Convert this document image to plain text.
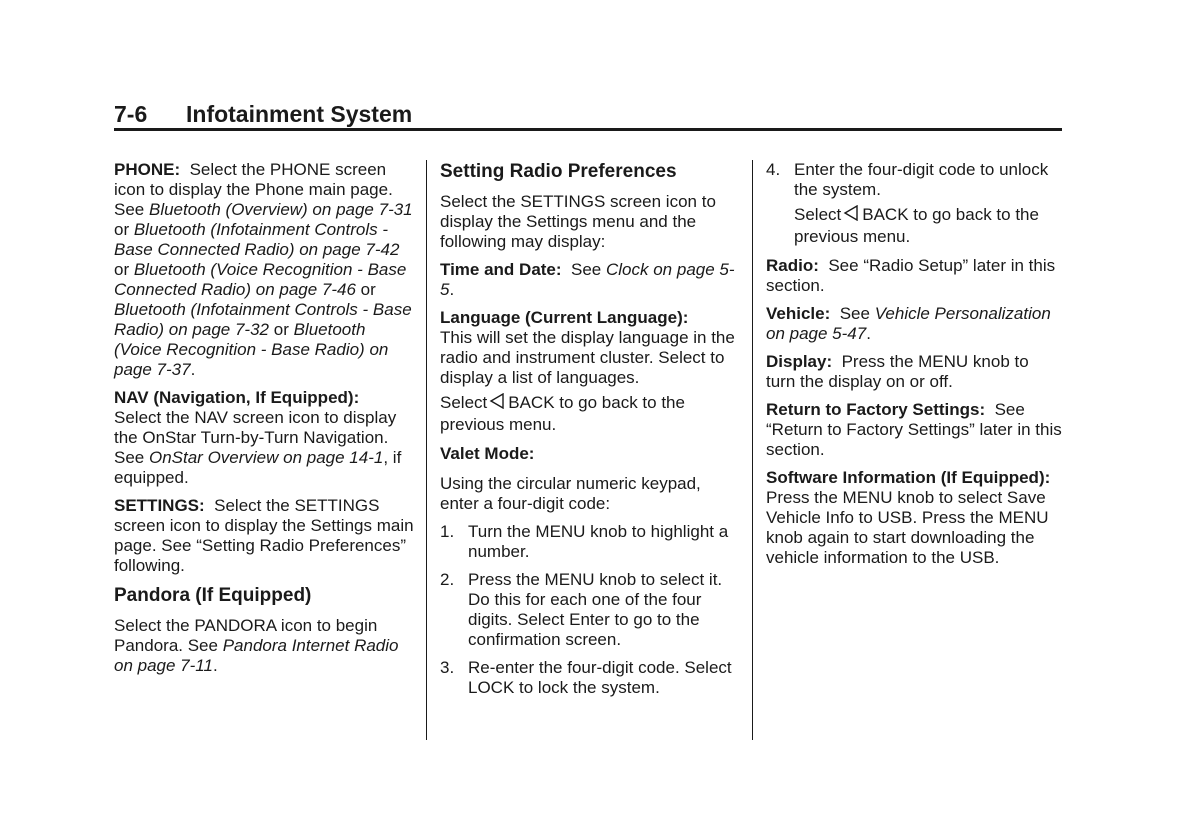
7-6 Infotainment System

PHONE: Select the PHONE screen icon to display the Phone main page. See Bluetooth (Overview) on page 7-31 or Bluetooth (Infotainment Controls - Base Connected Radio) on page 7-42 or Bluetooth (Voice Recognition - Base Connected Radio) on page 7-46 or Bluetooth (Infotainment Controls - Base Radio) on page 7-32 or Bluetooth (Voice Recognition - Base Radio) on page 7-37.

NAV (Navigation, If Equipped):
Select the NAV screen icon to display the OnStar Turn-by-Turn Navigation. See OnStar Overview on page 14-1, if equipped.

SETTINGS: Select the SETTINGS screen icon to display the Settings main page. See “Setting Radio Preferences” following.

Pandora (If Equipped)

Select the PANDORA icon to begin Pandora. See Pandora Internet Radio on page 7-11.

Setting Radio Preferences

Select the SETTINGS screen icon to display the Settings menu and the following may display:

Time and Date: See Clock on page 5-5.

Language (Current Language):
This will set the display language in the radio and instrument cluster. Select to display a list of languages.

Select BACK to go back to the previous menu.

Valet Mode:

Using the circular numeric keypad, enter a four-digit code:

1. Turn the MENU knob to highlight a number.
2. Press the MENU knob to select it. Do this for each one of the four digits. Select Enter to go to the confirmation screen.
3. Re-enter the four-digit code. Select LOCK to lock the system.
4. Enter the four-digit code to unlock the system.

Select BACK to go back to the previous menu.

Radio: See “Radio Setup” later in this section.

Vehicle: See Vehicle Personalization on page 5-47.

Display: Press the MENU knob to turn the display on or off.

Return to Factory Settings: See “Return to Factory Settings” later in this section.

Software Information (If Equipped):  Press the MENU knob to select Save Vehicle Info to USB. Press the MENU knob again to start downloading the vehicle information to the USB.
